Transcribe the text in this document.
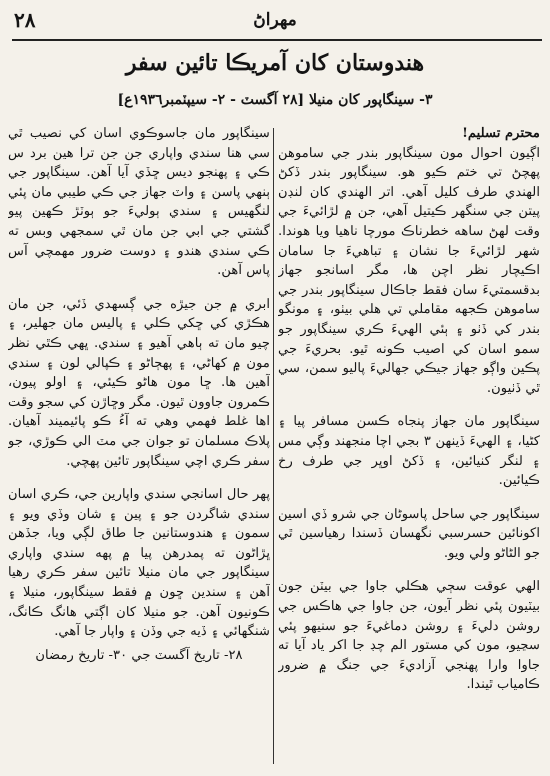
٢٨	مهراڻ
هندوستان کان آمريڪا تائين سفر
٣- سينگاپور کان منيلا [٢٨ آگسٽ - ٢- سيپٽمبر١٩٣٦ع]
محترم تسليم!
اڳيون احوال مون سينگاپور بندر جي ساموهن پهچڻ تي ختم ڪيو هو. سينگاپور بندر ڏکڻ الهندي طرف کليل آهي. اتر الهندي کان لنڊن پيتن جي سنگهر ڪيتيل آهي، جن ۾ لڙائيءَ جي وقت لهڻ ساهه خطرناڪ مورچا ناهيا ويا هوندا. شهر لڙائيءَ جا نشان ۽ تباهيءَ جا سامان اڪيچار نظر اچن ها، مگر اسانجو جهاز بدقسمتيءَ سان فقط جاڪال سينگاپور بندر جي ساموهن ڪجهه مقاملي تي هلي بيٺو، ۽ مونگو بندر کي ڏٺو ۽ ٻئي الهيءَ ڪري سينگاپور جو سمو اسان کي اصيب ڪونه ٿيو. بحريءَ جي پڪين واڳو جهاز جيڪي جهاليءَ پاليو سمن، سي ٿي ڏٺيون.
سينگاپور مان جهاز پنجاه ڪسن مسافر پيا ۽ کڻيا، ۽ الهيءَ ڏينهن ٣ بجي اچا منجهند وڳي مس ۽ لنگر کنيائين، ۽ ڏکڻ اوڀر جي طرف رخ ڪيائين.
سينگاپور جي ساحل پاسوڻان جي شرو ڏي اسين اکونائين حسرسبي نگهسان ڏسندا رهياسين ٿي جو الڻاڻو ولي ويو.
الهي عوقت سڄي هڪلي جاوا جي بيٽن جون بيٽيون پئي نظر آيون، جن جاوا جي هاڪس جي روشن دليءَ ۽ روشن دماغيءَ جو سنيهو پئي سڃيو، مون کي مستور الم چڊ جا اکر ياد آيا ته جاوا وارا پهنجي آزاديءَ جي جنگ ۾ ضرور ڪامياب ٿيندا.
سينگاپور مان جاسوڪوي اسان کي نصيب ٿي سي هنا سندي واپاري جن جن ترا هين برد س ڪي ۽ پهنجو ديس ڇڏي آيا آهن. سينگاپور جي ٻنهي پاسن ۽ واٽ جهاز جي ڪي طيبي مان پئي لنگهيس ۽ سندي ٻوليءَ جو ٻوٽڙ ڪهين پيو گشتي جي ابي جن مان ٿي سمجهي وبس ته ڪي سندي هندو ۽ دوست ضرور مهمچي آس پاس آهن.
ابري ۾ جن جيڙه جي ڳسهدي ڏئي، جن مان هڪڙي کي ڇکي ڪلي ۽ پاليس مان جهلير، ۽ چيو مان ته ٻاهي آهيو ۽ سندي. ڀهي ڪٿي نظر مون ۾ کهاڻي، ۽ پهڄاڻو ۽ ڪپالي لون ۽ سندي آهين ها. ڇا مون هاڻو ڪيئي، ۽ اولو پيون، ڪمرون جاوون ٿيون. مگر وڇاڙن کي سجو وقت اها غلط فهمي وهي ته آءُ ڪو پائيميند آهيان. پلاڪ مسلمان تو جوان جي مٽ الي ڪوڙي، جو سفر ڪري اچي سينگاپور تائين پهچي.
پهر حال اسانجي سندي واپارين جي، ڪري اسان سندي شاگردن جو ۽ پين ۽ شان وڏي ويو ۽ سمون ۽ هندوستانين جا طاق لڳي ويا، جڏهن ڀڙاڻون ته پمدرهن پيا ۾ پهه سندي واپاري سينگاپور جي مان منيلا تائين سفر ڪري رهيا آهن ۽ سندين ڇون ۾ فقط سينگاپور، منيلا ۽ ڪونيون آهن. جو منيلا کان اڳتي هانگ ڪانگ، شنگهائي ۽ ڏيه جي وڏن ۽ واپار جا آهي.
٢٨- تاريخ آگسٽ جي ٣٠- تاريخ رمضان
